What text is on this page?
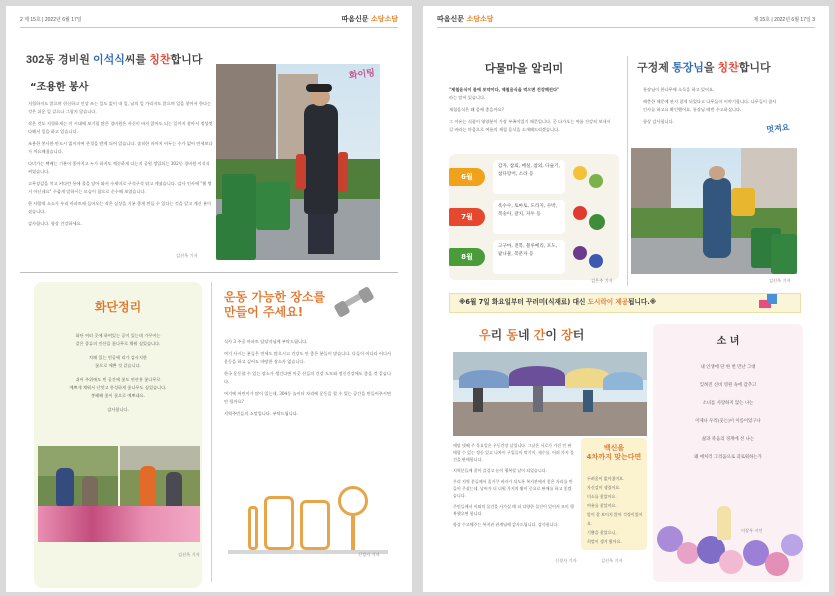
2 제 15호 | 2022년 6월 17일	따옴신문 소담소담
302동 경비원 이석식씨를 칭찬합니다
“조용한 봉사

저혈하지도 않으며 헌신하고 인상 쓰는 일도 없이 내 일, 남의 일 가리지도 않으며 일을 찾아서 한다는 것은 쉬운 일 같으나 그렇지 않습니다.

작은 것도 저혈하게는 이 시대에 보기힘 많은 경비원은 자신이 바지 않아도 되는 일까지 찾아서 정성껏 다해서 일을 하고 있습니다.

조용한 봉사한 만도시 없이자여 존경을 받게 되어 있습니다. 솔직한 마까지 어두는 수가 없어 연세보다가 까요해졌습니다.

다녀가는 택배는 기분이 좋아지고 누가 하지도 깨끗하게 다는지 공원 정입되는 302동 경비원 이석식 씨였습니다.

고무장갑을 끼고 커다란 통에 물을 담아 와서 수세미로 구석구석 닦고 계셨습니다. 감사 인사에 "뭘 별거 아닌데요" 수줍게 말하시는 모습이 참으로 순수해 보였습니다.

한 사람씩 소소가 우리 아파트에 들어오는 작은 실상을 기분 좋게 만들 수 있다는 것을 알고 계신 분이셨습니다.

감사합니다. 항상 건강하세요.

김선옥 기자
화이팅
화단정리
화단 여러 곳에 하여있는 공이 있는데 가꾸어는
같은 종류의 인산을 꽃나무로 채워 심었습니다.
치패 있는 빈공에 리가 감사지한
꽃으로 예쁜 것 같습니다.
쉬어 주위에도 빈 공간에 꽃도 연산홍 꽃나무로
예쁘게 채워서 난맛고 풍성하게 꽃나무도 심었습니다.
봉헤해 꽃이 꽃으로 예쁘네요.
감사합니다.
김선옥 기자
운동 가능한 장소를
만들어 주세요!

식사 3 주공 아파트 담당자님께 부탁드립니다.

여기 사시는 분들은 연세도 많으시고 건강도 안 좋은 분들이 많습니다. 다들이 어디라 어디서 운동을 하고 싶어도 마땅한 장소가 없습니다.

한국 운동할 수 있는 장소가 생긴다면 이곳 산들의 건강 도모와 정신건강에도 좋을 것 같습니다.

여기에 어린이가 많이 있는데, 304동 놀이터 자리에 운동을 할 수 있는 공간을 만들어주시면 안 될까요?

지역주민들의 소망입니다. 부탁드립니다.

신경자 기자
따옴신문 소담소담	제 15호 | 2022년 6월 17일 3
다물마을 알리미
"제철음식이 몸에 보약이다, 제철음식을 먹으면 건강해진다"

라는 말이 있습니다.

제철음식은 왜 몸에 좋을까요?

그 이유는 식품이 영양분이 가장 부족이었기 때문입니다. 곧 다가오는 여름 건강히 보내시길 바라는 마음으로 여름의 제철 음식을 소개해드리겠습니다.

6월
감자, 참외, 매실, 참외, 다슬기, 참다랑어, 소라 등
7월
옥수수, 토마토, 도라지, 수박, 복숭아, 갈치, 자두 등
8월
고구마, 전복, 블루베리, 포도, 팥나물, 복분자 등
김은주 기자
구정제 통장님을 칭찬합니다

통장님이 한나무에 소독을 하고 있어요.

애충한 때문에 관지 참게 되었다고 나무들이 이야기합니다. 나무들이 참사인사를 하고요 확인했어요. 통장님 때번 수고하십니다.

항상 감사합니다.

멋져요
김선옥 기자
※6월 7일 화요일부터 꾸러미(식재료) 대신 도시락이 제공됩니다.※
우리 동네 간이 장터

매달 넷째 주 목요일은 우동간장 날입니다. 그날은 서로가 가진 인 판매할 수 있는 정동 있고 나차이 구입들이 먹기이, 재수를, 어떠 가지 물건을 판매합니다.

지역분들께 잘이 즐겁고 눈이 행복할 날이 되었습니다.

우리 지역 분들께서 꼼거쿠 바자가 되도록 복지관에서 좋은 자리를 만들어 주셨는데, 날씨가 더 더워 가지의 활이 중요로 판매를 하고 좋겠습니다.

주민들께서 이외의 물건을 사가실 때 더 다양한 물건이 있어서 모이 행복했으면 합니다.

항상 수고해주는 복지관 관계님에 감사드립니다. 감사합니다.

신경자 기자
백신을
4차까지 맞는다면
두려움이 없어졌어요.
자신감이 생겼어요.
미소를 찾았어요.
여유를 찾았어요.
앞이 잘 보이지 않아 걱정이었어요.
기쁨을 찾았으니,
희망이 생겨 왔어요.
김선옥 기자
소 녀

내 인생에 단 한 번 만난 그대

잊혀진 신비 영원 속에 감추고

소녀를 사랑하지 않는 나는

이제나 우리(웃는)이 이름이었구나

삶과 죽음의 경계에 선 나는

왜 애처러 그리움으로 괴로워하는가

이상우 시인
